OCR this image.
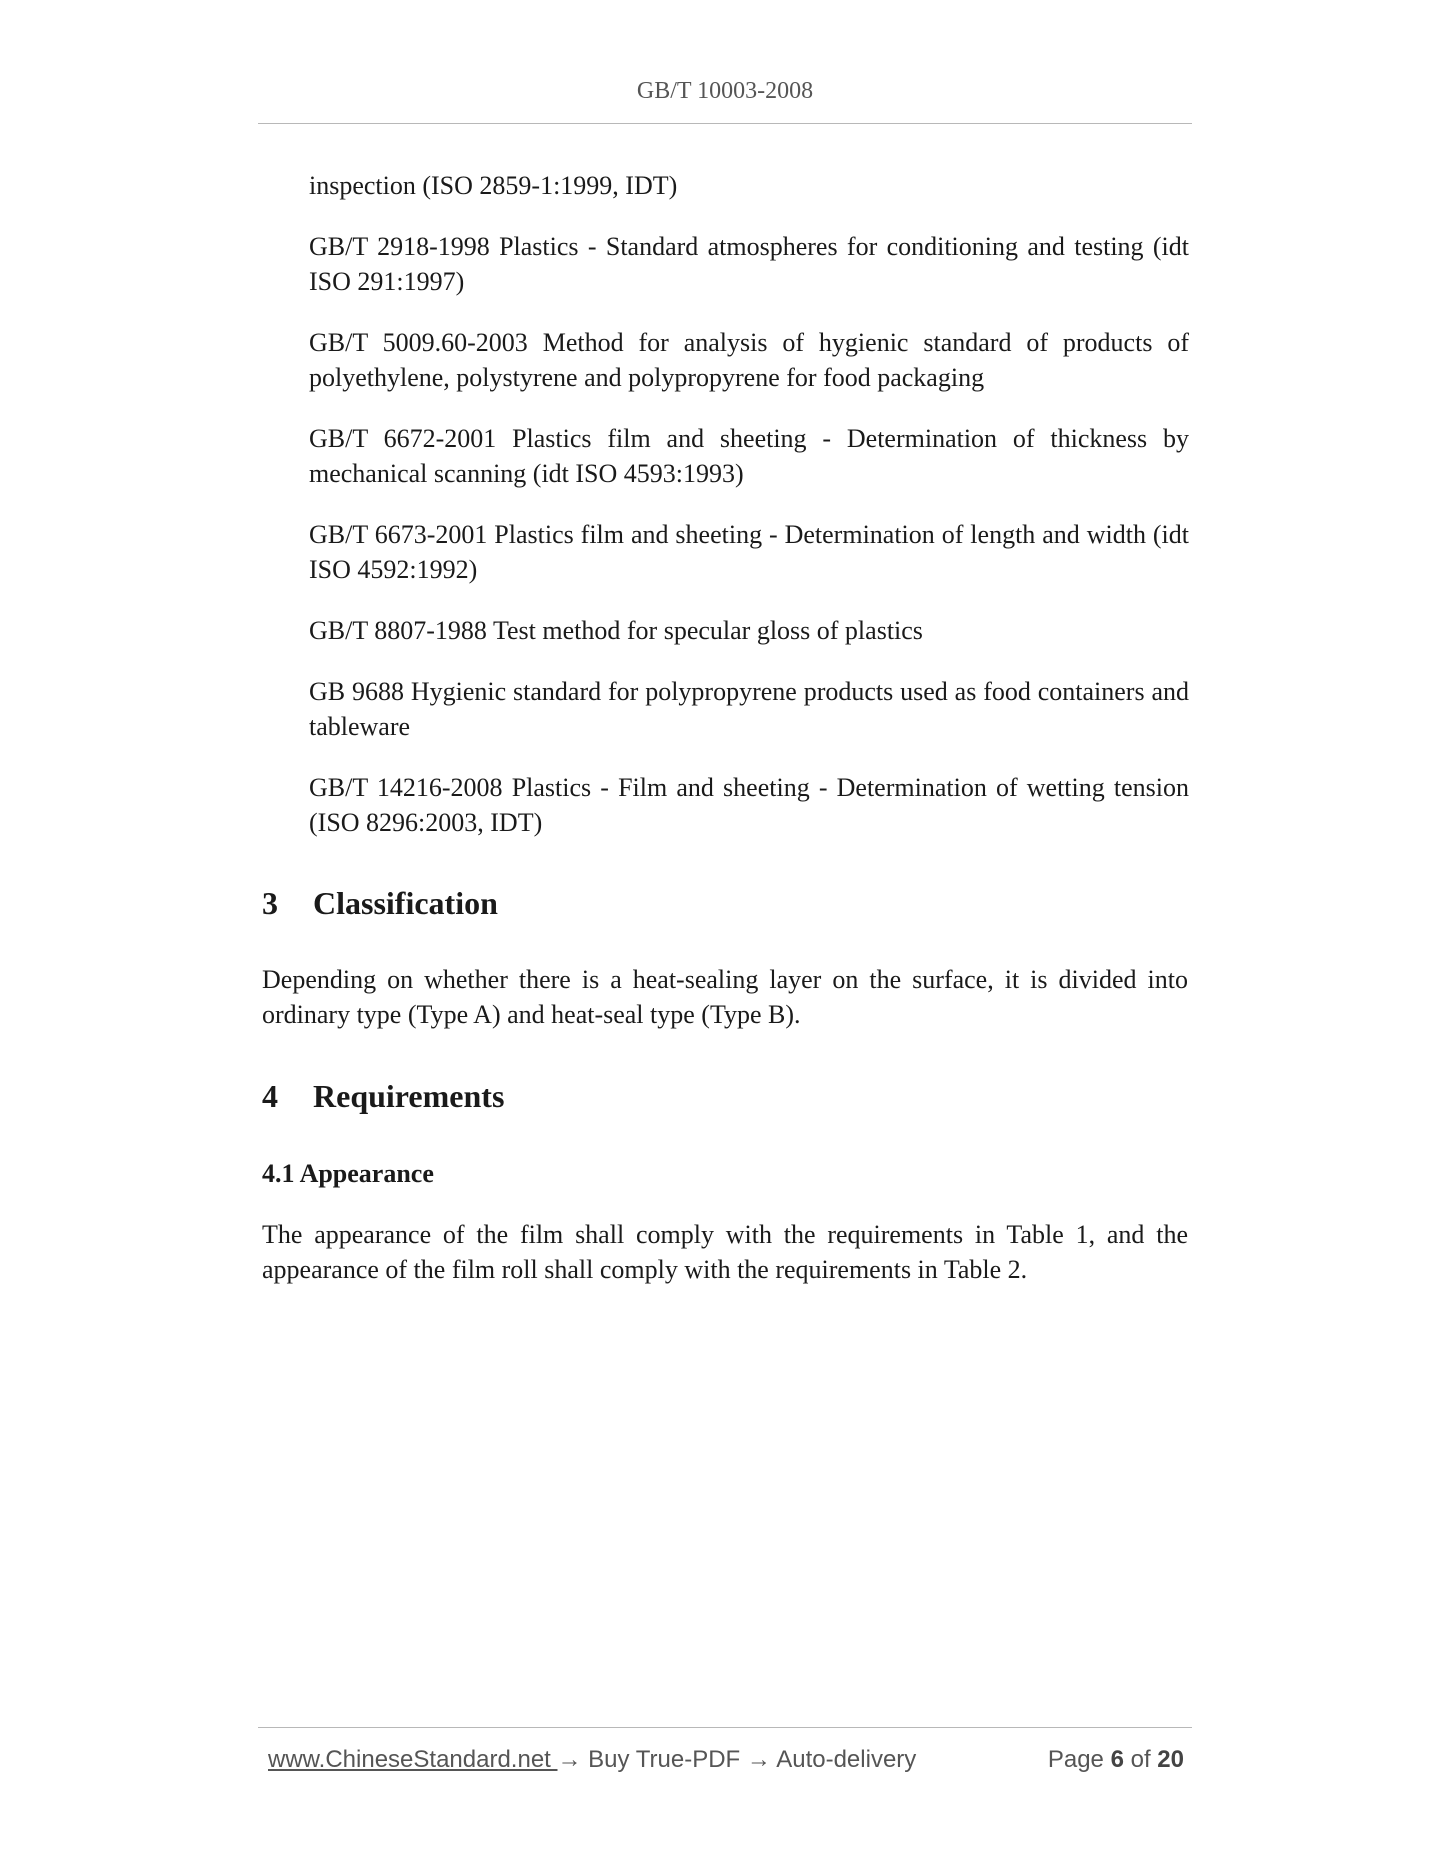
GB/T 10003-2008

inspection (ISO 2859-1:1999, IDT)

GB/T 2918-1998 Plastics - Standard atmospheres for conditioning and testing (idt ISO 291:1997)

GB/T 5009.60-2003 Method for analysis of hygienic standard of products of polyethylene, polystyrene and polypropyrene for food packaging

GB/T 6672-2001 Plastics film and sheeting - Determination of thickness by mechanical scanning (idt ISO 4593:1993)

GB/T 6673-2001 Plastics film and sheeting - Determination of length and width (idt ISO 4592:1992)

GB/T 8807-1988 Test method for specular gloss of plastics

GB 9688 Hygienic standard for polypropyrene products used as food containers and tableware

GB/T 14216-2008 Plastics - Film and sheeting - Determination of wetting tension (ISO 8296:2003, IDT)

3 Classification

Depending on whether there is a heat-sealing layer on the surface, it is divided into ordinary type (Type A) and heat-seal type (Type B).

4 Requirements
4.1 Appearance

The appearance of the film shall comply with the requirements in Table 1, and the appearance of the film roll shall comply with the requirements in Table 2.

www.ChineseStandard.net → Buy True-PDF → Auto-delivery	Page 6 of 20
